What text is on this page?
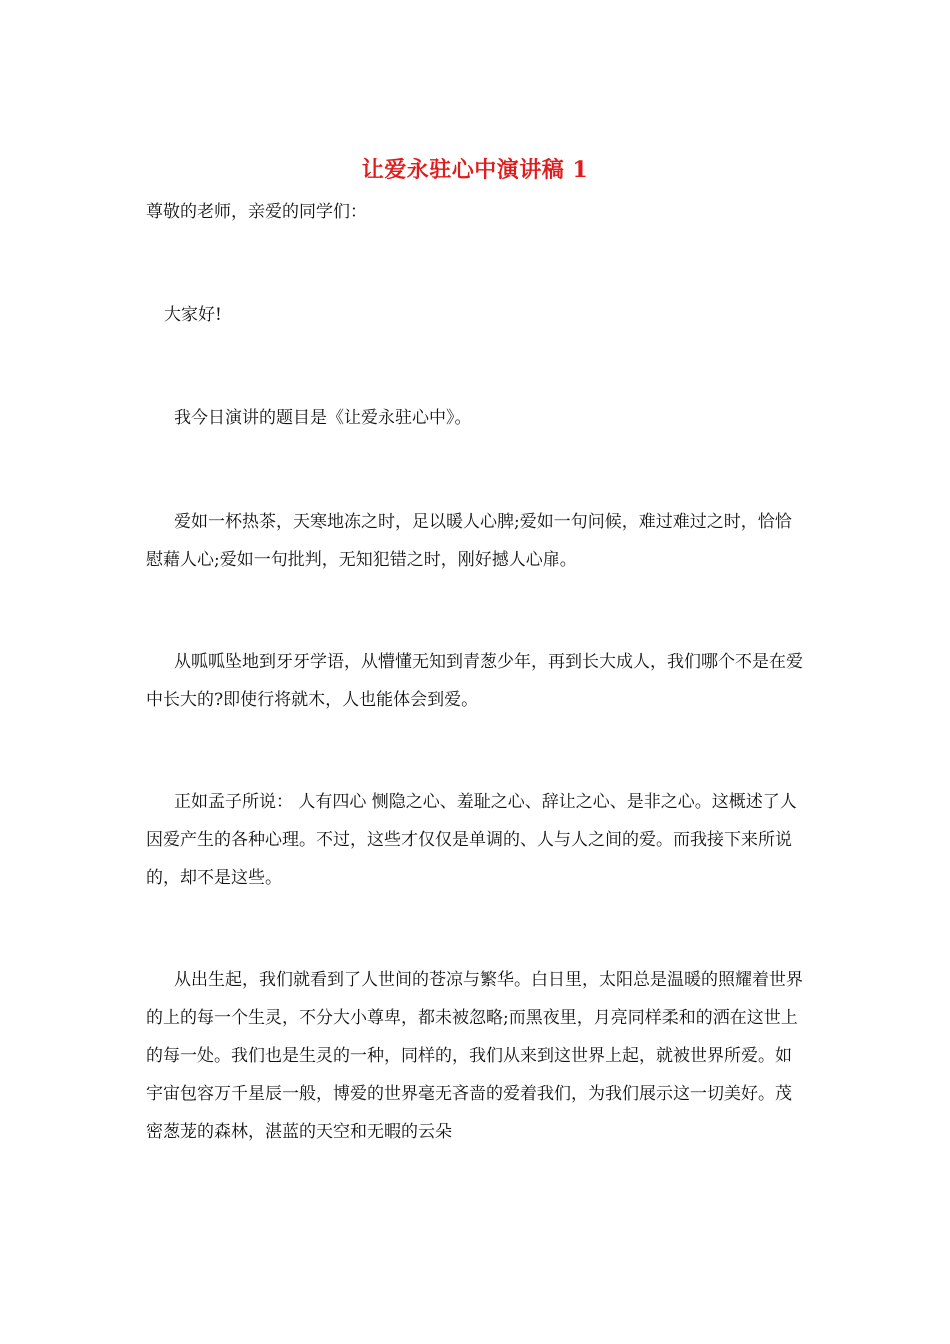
让爱永驻心中演讲稿 1
尊敬的老师，亲爱的同学们：
大家好!
我今日演讲的题目是《让爱永驻心中》。
爱如一杯热茶，天寒地冻之时，足以暖人心脾;爱如一句问候，难过难过之时，恰恰慰藉人心;爱如一句批判，无知犯错之时，刚好撼人心扉。
从呱呱坠地到牙牙学语，从懵懂无知到青葱少年，再到长大成人，我们哪个不是在爱中长大的?即使行将就木，人也能体会到爱。
正如孟子所说： 人有四心 恻隐之心、羞耻之心、辞让之心、是非之心。这概述了人因爱产生的各种心理。不过，这些才仅仅是单调的、人与人之间的爱。而我接下来所说的，却不是这些。
从出生起，我们就看到了人世间的苍凉与繁华。白日里，太阳总是温暖的照耀着世界的上的每一个生灵，不分大小尊卑，都未被忽略;而黑夜里，月亮同样柔和的洒在这世上的每一处。我们也是生灵的一种，同样的，我们从来到这世界上起，就被世界所爱。如宇宙包容万千星辰一般，博爱的世界毫无吝啬的爱着我们，为我们展示这一切美好。茂密葱茏的森林，湛蓝的天空和无暇的云朵
